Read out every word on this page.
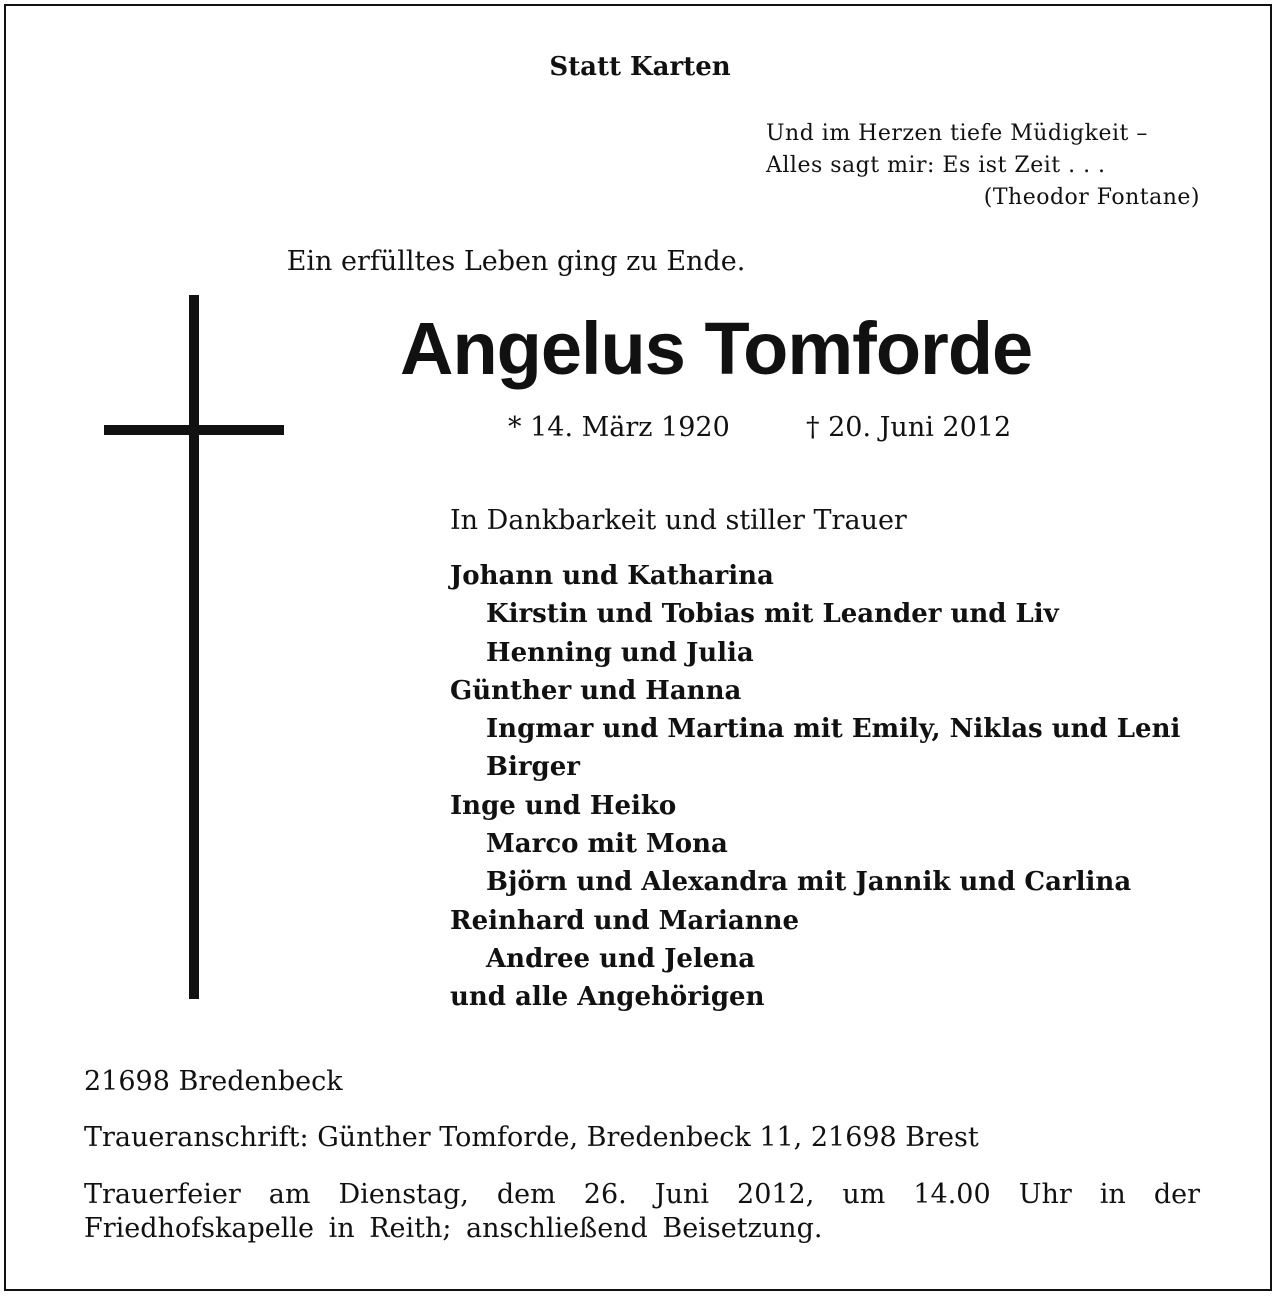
Statt Karten
Und im Herzen tiefe Müdigkeit –
Alles sagt mir: Es ist Zeit . . .
(Theodor Fontane)
Ein erfülltes Leben ging zu Ende.
Angelus Tomforde
* 14. März 1920	† 20. Juni 2012
In Dankbarkeit und stiller Trauer
Johann und Katharina
Kirstin und Tobias mit Leander und Liv
Henning und Julia
Günther und Hanna
Ingmar und Martina mit Emily, Niklas und Leni
Birger
Inge und Heiko
Marco mit Mona
Björn und Alexandra mit Jannik und Carlina
Reinhard und Marianne
Andree und Jelena
und alle Angehörigen
21698 Bredenbeck
Traueranschrift: Günther Tomforde, Bredenbeck 11, 21698 Brest
Trauerfeier am Dienstag, dem 26. Juni 2012, um 14.00 Uhr in der
Friedhofskapelle in Reith; anschließend Beisetzung.
